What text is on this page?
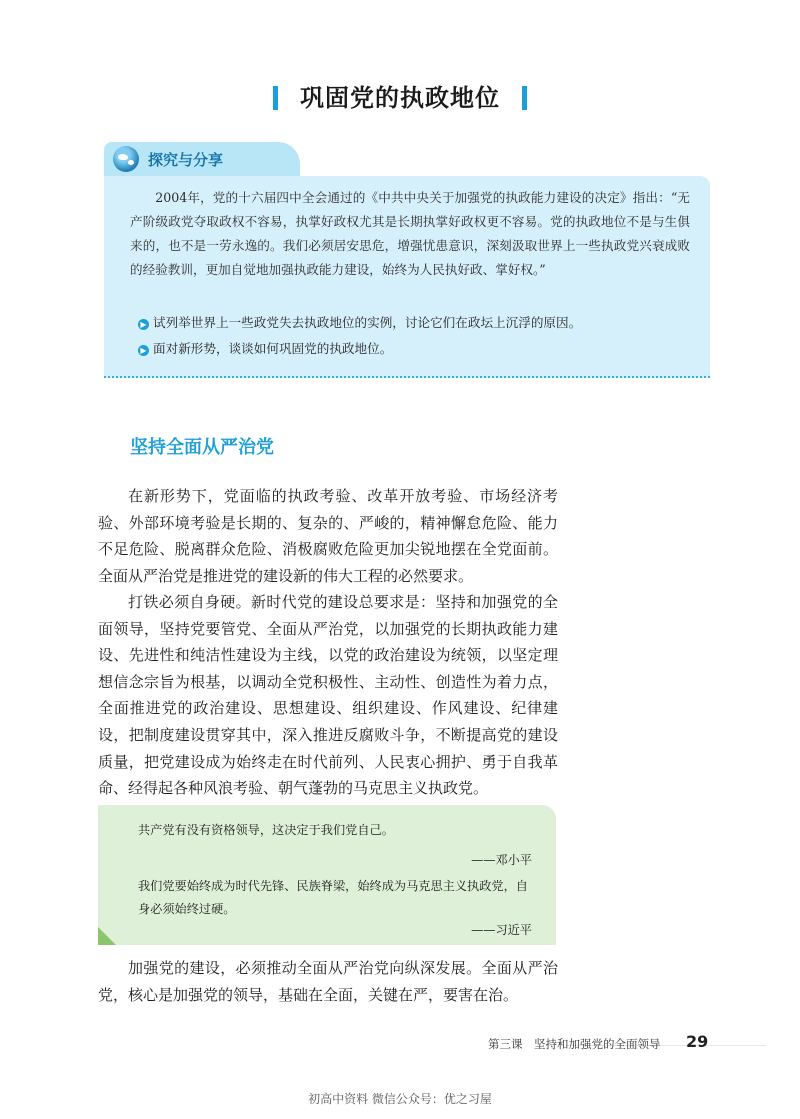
巩固党的执政地位
探究与分享
2004年，党的十六届四中全会通过的《中共中央关于加强党的执政能力建设的决定》指出：“无产阶级政党夺取政权不容易，执掌好政权尤其是长期执掌好政权更不容易。党的执政地位不是与生俱来的，也不是一劳永逸的。我们必须居安思危，增强忧患意识，深刻汲取世界上一些执政党兴衰成败的经验教训，更加自觉地加强执政能力建设，始终为人民执好政、掌好权。”
▶ 试列举世界上一些政党失去执政地位的实例，讨论它们在政坛上沉浮的原因。
▶ 面对新形势，谈谈如何巩固党的执政地位。
坚持全面从严治党
在新形势下，党面临的执政考验、改革开放考验、市场经济考验、外部环境考验是长期的、复杂的、严峻的，精神懈怠危险、能力不足危险、脱离群众危险、消极腐败危险更加尖锐地摆在全党面前。全面从严治党是推进党的建设新的伟大工程的必然要求。
打铁必须自身硬。新时代党的建设总要求是：坚持和加强党的全面领导，坚持党要管党、全面从严治党，以加强党的长期执政能力建设、先进性和纯洁性建设为主线，以党的政治建设为统领，以坚定理想信念宗旨为根基，以调动全党积极性、主动性、创造性为着力点，全面推进党的政治建设、思想建设、组织建设、作风建设、纪律建设，把制度建设贯穿其中，深入推进反腐败斗争，不断提高党的建设质量，把党建设成为始终走在时代前列、人民衷心拥护、勇于自我革命、经得起各种风浪考验、朝气蓬勃的马克思主义执政党。
共产党有没有资格领导，这决定于我们党自己。
——邓小平
我们党要始终成为时代先锋、民族脊梁，始终成为马克思主义执政党，自身必须始终过硬。
——习近平
加强党的建设，必须推动全面从严治党向纵深发展。全面从严治党，核心是加强党的领导，基础在全面，关键在严，要害在治。
第三课　坚持和加强党的全面领导 29
初高中资料 微信公众号：优之习屋
